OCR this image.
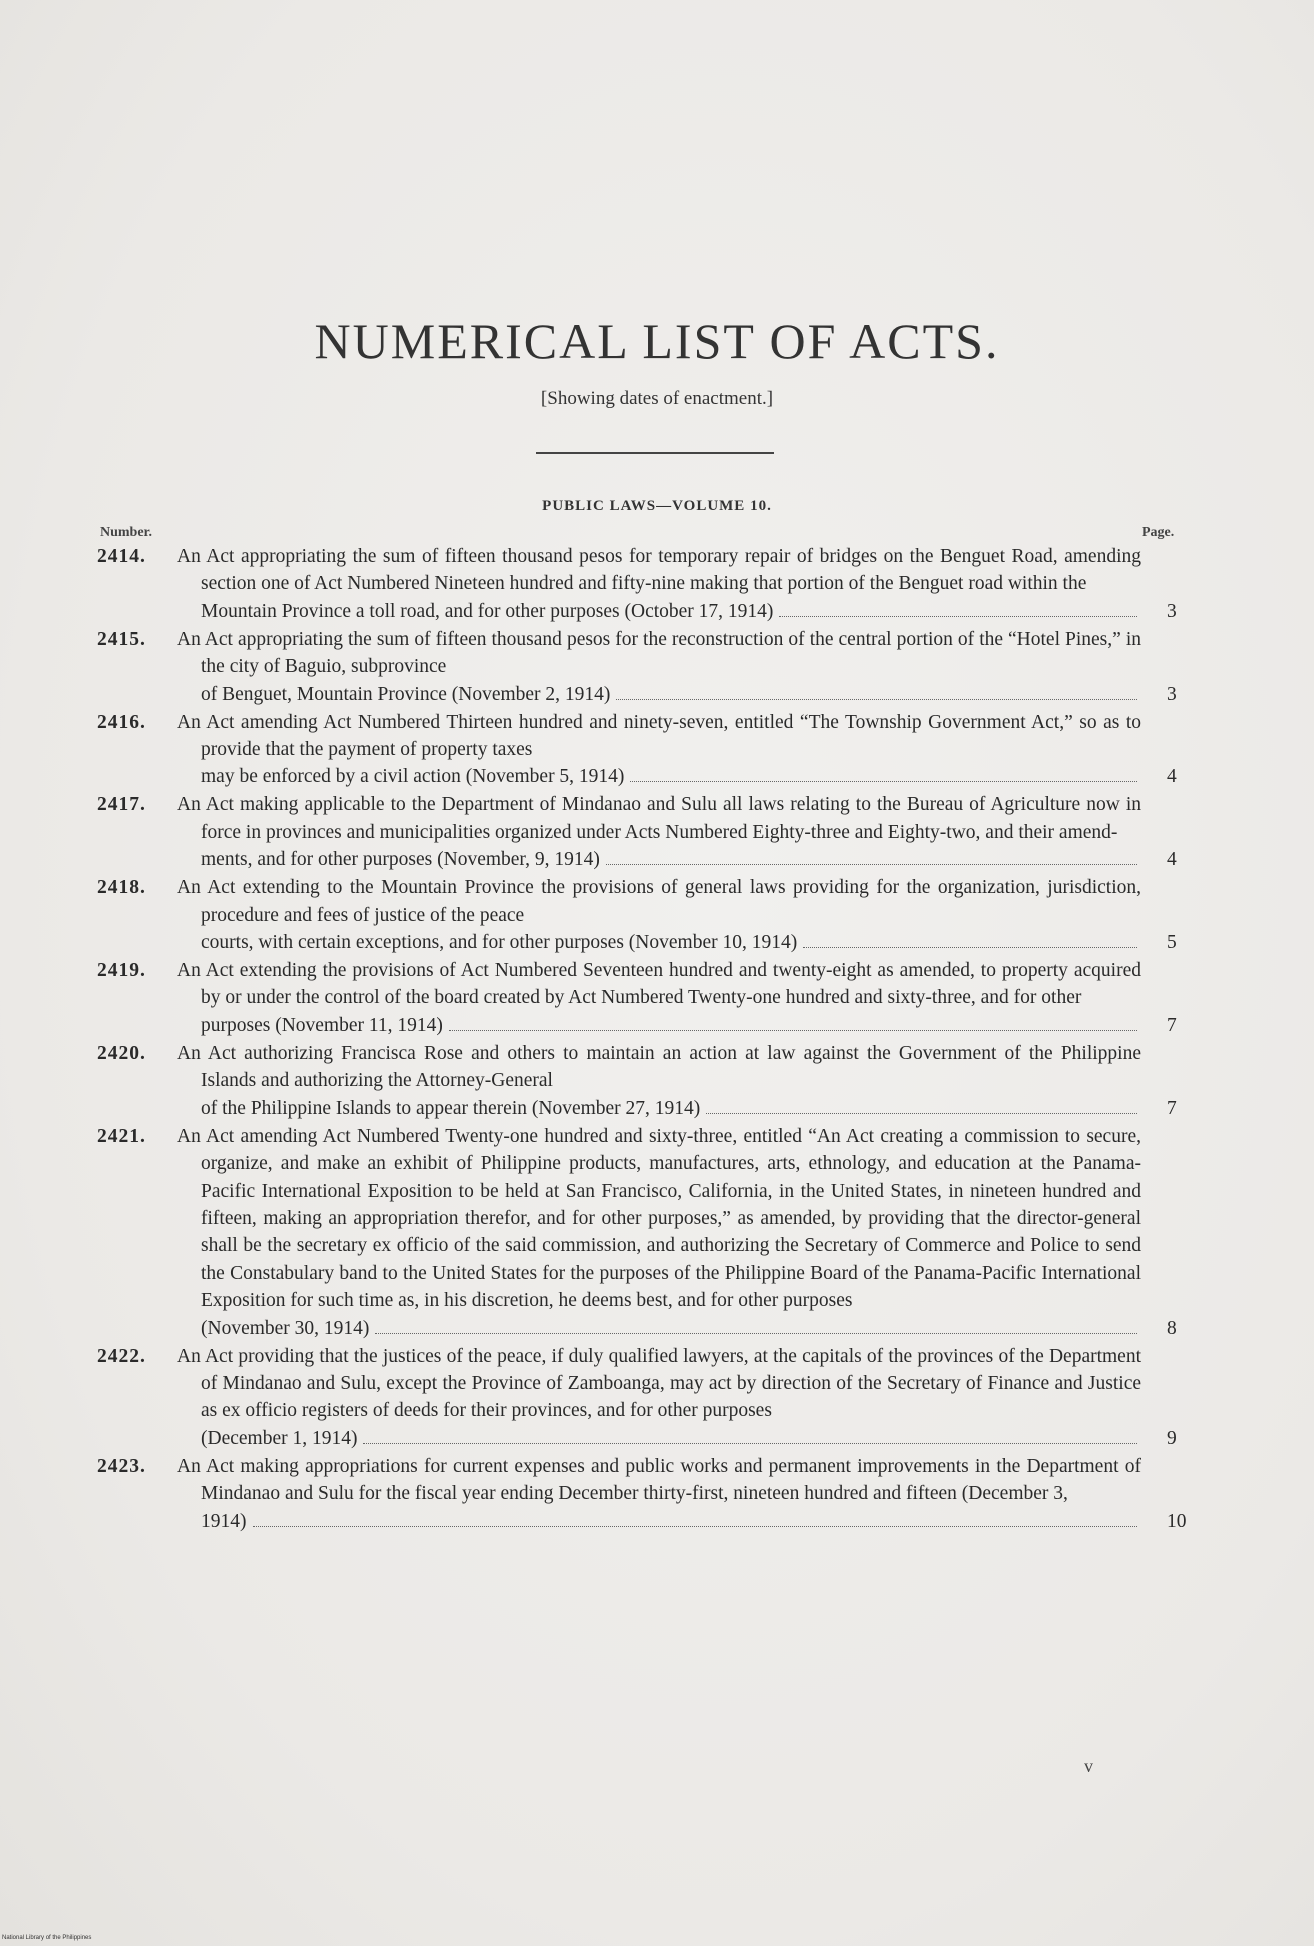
NUMERICAL LIST OF ACTS.
[Showing dates of enactment.]
PUBLIC LAWS—VOLUME 10.
Number.	Page.
2414. An Act appropriating the sum of fifteen thousand pesos for temporary repair of bridges on the Benguet Road, amending section one of Act Numbered Nineteen hundred and fifty-nine making that portion of the Benguet road within the
Mountain Province a toll road, and for other purposes (October 17, 1914)	3
2415. An Act appropriating the sum of fifteen thousand pesos for the reconstruction of the central portion of the “Hotel Pines,” in the city of Baguio, subprovince
of Benguet, Mountain Province (November 2, 1914)	3
2416. An Act amending Act Numbered Thirteen hundred and ninety-seven, entitled “The Township Government Act,” so as to provide that the payment of property taxes
may be enforced by a civil action (November 5, 1914)	4
2417. An Act making applicable to the Department of Mindanao and Sulu all laws relating to the Bureau of Agriculture now in force in provinces and municipalities organized under Acts Numbered Eighty-three and Eighty-two, and their amend-
ments, and for other purposes (November, 9, 1914)	4
2418. An Act extending to the Mountain Province the provisions of general laws providing for the organization, jurisdiction, procedure and fees of justice of the peace
courts, with certain exceptions, and for other purposes (November 10, 1914)	5
2419. An Act extending the provisions of Act Numbered Seventeen hundred and twenty-eight as amended, to property acquired by or under the control of the board created by Act Numbered Twenty-one hundred and sixty-three, and for other
purposes (November 11, 1914)	7
2420. An Act authorizing Francisca Rose and others to maintain an action at law against the Government of the Philippine Islands and authorizing the Attorney-General
of the Philippine Islands to appear therein (November 27, 1914)	7
2421. An Act amending Act Numbered Twenty-one hundred and sixty-three, entitled “An Act creating a commission to secure, organize, and make an exhibit of Philippine products, manufactures, arts, ethnology, and education at the Panama-Pacific International Exposition to be held at San Francisco, California, in the United States, in nineteen hundred and fifteen, making an appropriation therefor, and for other purposes,” as amended, by providing that the director-general shall be the secretary ex officio of the said commission, and authorizing the Secretary of Commerce and Police to send the Constabulary band to the United States for the purposes of the Philippine Board of the Panama-Pacific International Exposition for such time as, in his discretion, he deems best, and for other purposes
(November 30, 1914)	8
2422. An Act providing that the justices of the peace, if duly qualified lawyers, at the capitals of the provinces of the Department of Mindanao and Sulu, except the Province of Zamboanga, may act by direction of the Secretary of Finance and Justice as ex officio registers of deeds for their provinces, and for other purposes
(December 1, 1914)	9
2423. An Act making appropriations for current expenses and public works and permanent improvements in the Department of Mindanao and Sulu for the fiscal year ending December thirty-first, nineteen hundred and fifteen (December 3,
1914)	10
v
National Library of the Philippines
